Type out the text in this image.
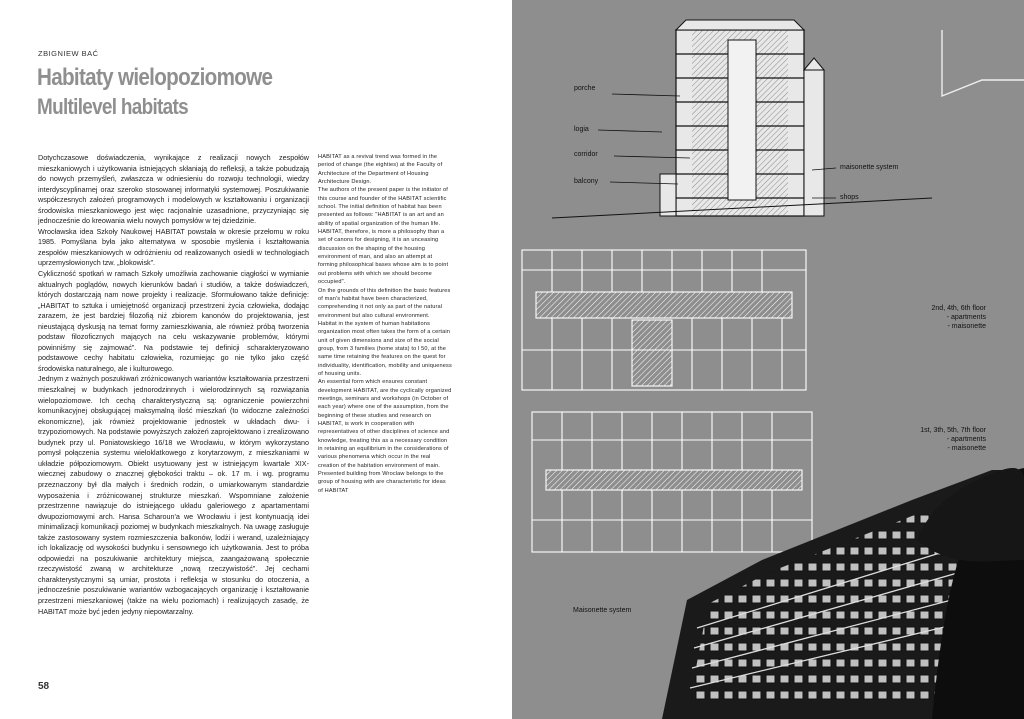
ZBIGNIEW BAĆ
Habitaty wielopoziomowe
Multilevel habitats

Dotychczasowe doświadczenia, wynikające z realizacji nowych zespołów mieszkaniowych i użytkowania istniejących skłaniają do refleksji, a także pobudzają do nowych przemyśleń, zwłaszcza w odniesieniu do rozwoju technologii, wiedzy interdyscyplinarnej oraz szeroko stosowanej informatyki systemowej. Poszukiwanie współczesnych założeń programowych i modelowych w kształtowaniu i organizacji środowiska mieszkaniowego jest więc racjonalnie uzasadnione, przyczyniając się jednocześnie do kreowania wielu nowych pomysłów w tej dziedzinie.

Wrocławska idea Szkoły Naukowej HABITAT powstała w okresie przełomu w roku 1985. Pomyślana była jako alternatywa w sposobie myślenia i kształtowania zespołów mieszkaniowych w odróżnieniu od realizowanych osiedli w technologiach uprzemysłowionych tzw. „blokowisk”.

Cykliczność spotkań w ramach Szkoły umożliwia zachowanie ciągłości w wymianie aktualnych poglądów, nowych kierunków badań i studiów, a także doświadczeń, których dostarczają nam nowe projekty i realizacje. Sformułowano także definicję: „HABITAT to sztuka i umiejętność organizacji przestrzeni życia człowieka, dodając zarazem, że jest bardziej filozofią niż zbiorem kanonów do projektowania, jest nieustającą dyskusją na temat formy zamieszkiwania, ale również próbą tworzenia podstaw filozoficznych mających na celu wskazywanie problemów, którymi powinniśmy się zajmować”. Na podstawie tej definicji scharakteryzowano podstawowe cechy habitatu człowieka, rozumiejąc go nie tylko jako część środowiska naturalnego, ale i kulturowego.

Jednym z ważnych poszukiwań zróżnicowanych wariantów kształtowania przestrzeni mieszkalnej w budynkach jednorodzinnych i wielorodzinnych są rozwiązania wielopoziomowe. Ich cechą charakterystyczną są: ograniczenie powierzchni komunikacyjnej obsługującej maksymalną ilość mieszkań (to widoczne zależności ekonomiczne), jak również projektowanie jednostek w układach dwu- i trzypoziomowych. Na podstawie powyższych założeń zaprojektowano i zrealizowano budynek przy ul. Poniatowskiego 16/18 we Wrocławiu, w którym wykorzystano pomysł połączenia systemu wieloklatkowego z korytarzowym, z mieszkaniami w układzie półpoziomowym. Obiekt usytuowany jest w istniejącym kwartale XIX-wiecznej zabudowy o znacznej głębokości traktu – ok. 17 m. i wg. programu przeznaczony był dla małych i średnich rodzin, o umiarkowanym standardzie wyposażenia i zróżnicowanej strukturze mieszkań. Wspomniane założenie przestrzenne nawiązuje do istniejącego układu galeriowego z apartamentami dwupoziomowymi arch. Hansa Scharoun'a we Wrocławiu i jest kontynuacją idei minimalizacji komunikacji poziomej w budynkach mieszkalnych. Na uwagę zasługuje także zastosowany system rozmieszczenia balkonów, lodżi i werand, uzależniający ich lokalizację od wysokości budynku i sensownego ich użytkowania. Jest to próba odpowiedzi na poszukiwanie architektury miejsca, zaangażowaną społecznie rzeczywistość zwaną w architekturze „nową rzeczywistość”. Jej cechami charakterystycznymi są umiar, prostota i refleksja w stosunku do otoczenia, a jednocześnie poszukiwanie wariantów wzbogacających organizację i kształtowanie przestrzeni mieszkaniowej (także na wielu poziomach) i realizujących zasadę, że HABITAT może być jeden jedyny niepowtarzalny.

HABITAT as a revival trend was formed in the period of change (the eighties) at the Faculty of Architecture of the Department of Housing Architecture Design.

The authors of the present paper is the initiator of this course and founder of the HABITAT scientific school. The initial definition of habitat has been presented as follows: "HABITAT is an art and an ability of spatial organization of the human life. HABITAT, therefore, is more a philosophy than a set of canons for designing, it is an unceasing discussion on the shaping of the housing environment of man, and also an attempt at forming philosophical bases whose aim is to point out problems with which we should become occupied".

On the grounds of this definition the basic features of man's habitat have been characterized, comprehending it not only as part of the natural environment but also cultural environment.

Habitat in the system of human habitations organization most often takes the form of a certain unit of given dimensions and size of the social group, from 3 families (home stats) to l 50, at the same time retaining the features on the quest for individuality, identification, mobility and uniqueness of housing units.

An essential form which ensures constant development HABITAT, are the cyclically organized meetings, seminars and workshops (in October of each year) where one of the assumption, from the beginning of these studies and research on HABITAT, is work in cooperation with representatives of other disciplines of science and knowledge, treating this as a necessary condition in retaining an equilibrium in the considerations of various phenomena which occur in the real creation of the habitation environment of main.

Presented building from Wroclaw belongs to the group of housing with are characteristic for ideas of HABITAT

58
porche
logia
corridor
balcony
maisonette system
shops
2nd, 4th, 6th floor
- apartments
- maisonette
1st, 3th, 5th, 7th floor
- apartments
- maisonette
Maisonette system
